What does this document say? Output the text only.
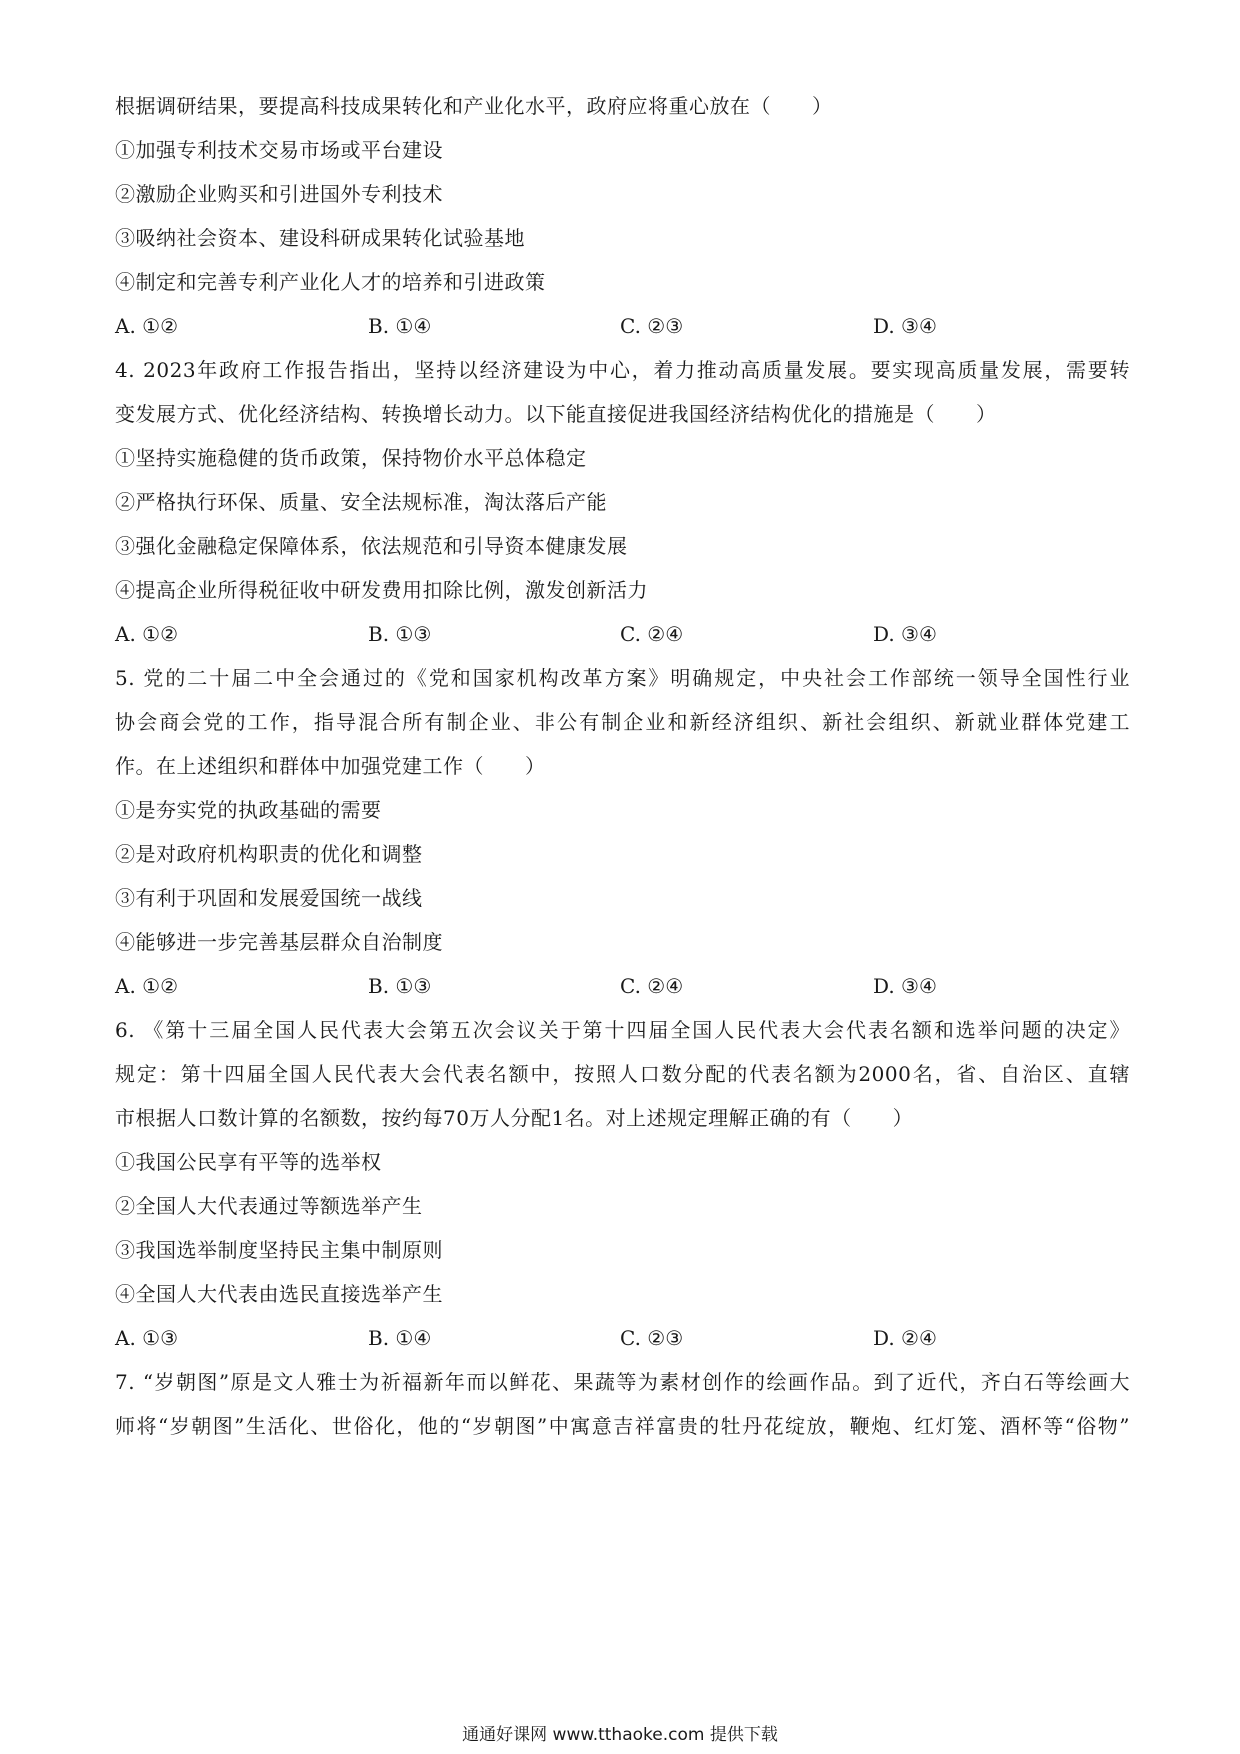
根据调研结果，要提高科技成果转化和产业化水平，政府应将重心放在（　　）
①加强专利技术交易市场或平台建设
②激励企业购买和引进国外专利技术
③吸纳社会资本、建设科研成果转化试验基地
④制定和完善专利产业化人才的培养和引进政策
A. ①②	B. ①④	C. ②③	D. ③④
4. 2023年政府工作报告指出，坚持以经济建设为中心，着力推动高质量发展。要实现高质量发展，需要转
变发展方式、优化经济结构、转换增长动力。以下能直接促进我国经济结构优化的措施是（　　）
①坚持实施稳健的货币政策，保持物价水平总体稳定
②严格执行环保、质量、安全法规标准，淘汰落后产能
③强化金融稳定保障体系，依法规范和引导资本健康发展
④提高企业所得税征收中研发费用扣除比例，激发创新活力
A. ①②	B. ①③	C. ②④	D. ③④
5. 党的二十届二中全会通过的《党和国家机构改革方案》明确规定，中央社会工作部统一领导全国性行业
协会商会党的工作，指导混合所有制企业、非公有制企业和新经济组织、新社会组织、新就业群体党建工
作。在上述组织和群体中加强党建工作（　　）
①是夯实党的执政基础的需要
②是对政府机构职责的优化和调整
③有利于巩固和发展爱国统一战线
④能够进一步完善基层群众自治制度
A. ①②	B. ①③	C. ②④	D. ③④
6. 《第十三届全国人民代表大会第五次会议关于第十四届全国人民代表大会代表名额和选举问题的决定》
规定：第十四届全国人民代表大会代表名额中，按照人口数分配的代表名额为2000名，省、自治区、直辖
市根据人口数计算的名额数，按约每70万人分配1名。对上述规定理解正确的有（　　）
①我国公民享有平等的选举权
②全国人大代表通过等额选举产生
③我国选举制度坚持民主集中制原则
④全国人大代表由选民直接选举产生
A. ①③	B. ①④	C. ②③	D. ②④
7. “岁朝图”原是文人雅士为祈福新年而以鲜花、果蔬等为素材创作的绘画作品。到了近代，齐白石等绘画大
师将“岁朝图”生活化、世俗化，他的“岁朝图”中寓意吉祥富贵的牡丹花绽放，鞭炮、红灯笼、酒杯等“俗物”
通通好课网 www.tthaoke.com 提供下载
